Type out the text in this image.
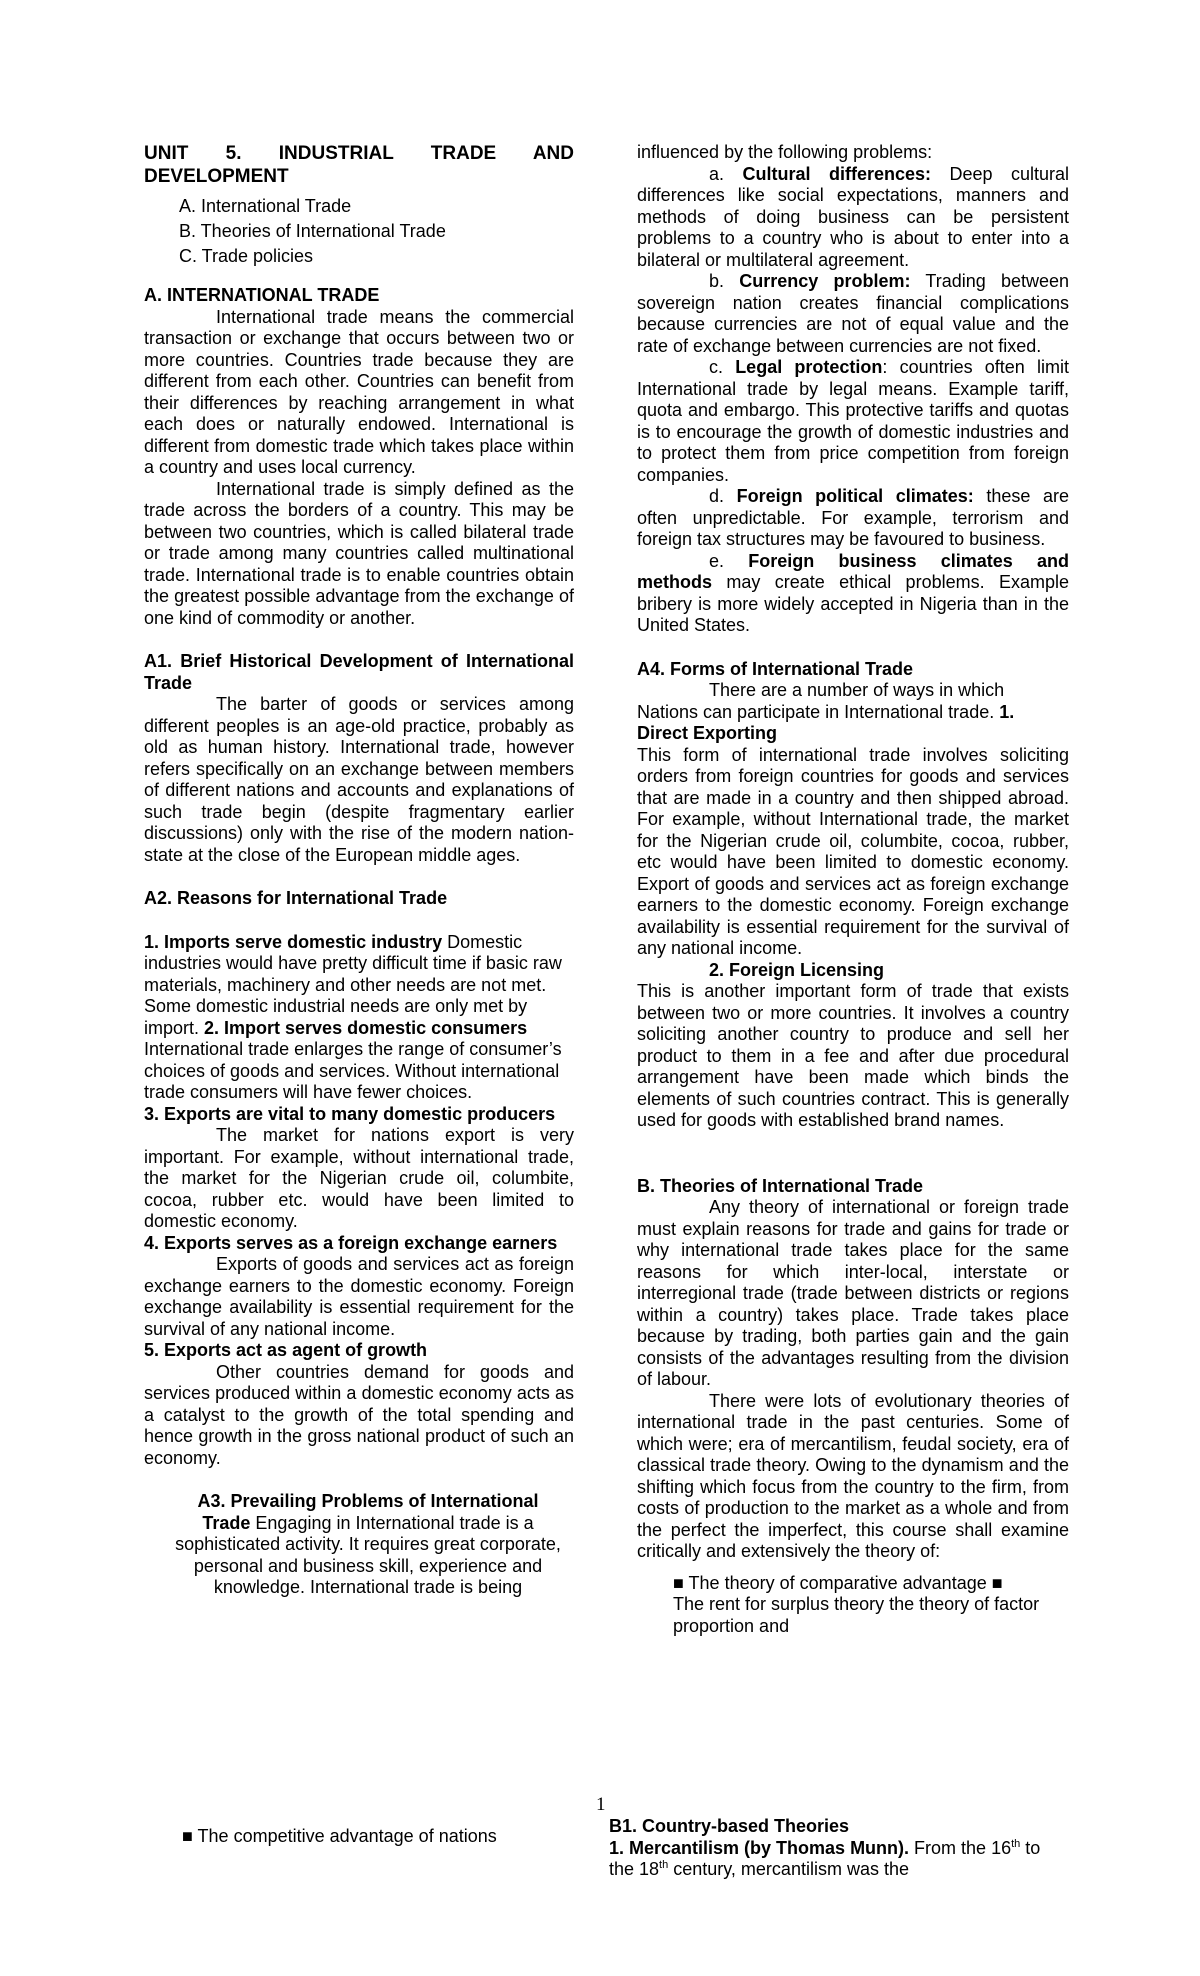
UNIT 5. INDUSTRIAL TRADE AND DEVELOPMENT

A. International Trade
B. Theories of International Trade
C. Trade policies

A. INTERNATIONAL TRADE

International trade means the commercial transaction or exchange that occurs between two or more countries. Countries trade because they are different from each other. Countries can benefit from their differences by reaching arrangement in what each does or naturally endowed. International is different from domestic trade which takes place within a country and uses local currency.

International trade is simply defined as the trade across the borders of a country. This may be between two countries, which is called bilateral trade or trade among many countries called multinational trade. International trade is to enable countries obtain the greatest possible advantage from the exchange of one kind of commodity or another.

A1. Brief Historical Development of International Trade

The barter of goods or services among different peoples is an age-old practice, probably as old as human history. International trade, however refers specifically on an exchange between members of different nations and accounts and explanations of such trade begin (despite fragmentary earlier discussions) only with the rise of the modern nation-state at the close of the European middle ages.

A2. Reasons for International Trade

1. Imports serve domestic industry Domestic industries would have pretty difficult time if basic raw materials, machinery and other needs are not met. Some domestic industrial needs are only met by import. 2. Import serves domestic consumers International trade enlarges the range of consumer’s choices of goods and services. Without international trade consumers will have fewer choices.

3. Exports are vital to many domestic producers

The market for nations export is very important. For example, without international trade, the market for the Nigerian crude oil, columbite, cocoa, rubber etc. would have been limited to domestic economy.

4. Exports serves as a foreign exchange earners

Exports of goods and services act as foreign exchange earners to the domestic economy. Foreign exchange availability is essential requirement for the survival of any national income.

5. Exports act as agent of growth

Other countries demand for goods and services produced within a domestic economy acts as a catalyst to the growth of the total spending and hence growth in the gross national product of such an economy.

A3. Prevailing Problems of International
Trade Engaging in International trade is a sophisticated activity. It requires great corporate, personal and business skill, experience and knowledge. International trade is being

influenced by the following problems:

a. Cultural differences: Deep cultural differences like social expectations, manners and methods of doing business can be persistent problems to a country who is about to enter into a bilateral or multilateral agreement.

b. Currency problem: Trading between sovereign nation creates financial complications because currencies are not of equal value and the rate of exchange between currencies are not fixed.

c. Legal protection: countries often limit International trade by legal means. Example tariff, quota and embargo. This protective tariffs and quotas is to encourage the growth of domestic industries and to protect them from price competition from foreign companies.

d. Foreign political climates: these are often unpredictable. For example, terrorism and foreign tax structures may be favoured to business.

e. Foreign business climates and methods may create ethical problems. Example bribery is more widely accepted in Nigeria than in the United States.

A4. Forms of International Trade

There are a number of ways in which Nations can participate in International trade. 1. Direct Exporting

This form of international trade involves soliciting orders from foreign countries for goods and services that are made in a country and then shipped abroad. For example, without International trade, the market for the Nigerian crude oil, columbite, cocoa, rubber, etc would have been limited to domestic economy. Export of goods and services act as foreign exchange earners to the domestic economy. Foreign exchange availability is essential requirement for the survival of any national income.

2. Foreign Licensing

This is another important form of trade that exists between two or more countries. It involves a country soliciting another country to produce and sell her product to them in a fee and after due procedural arrangement have been made which binds the elements of such countries contract. This is generally used for goods with established brand names.

B. Theories of International Trade

Any theory of international or foreign trade must explain reasons for trade and gains for trade or why international trade takes place for the same reasons for which inter-local, interstate or interregional trade (trade between districts or regions within a country) takes place. Trade takes place because by trading, both parties gain and the gain consists of the advantages resulting from the division of labour.

There were lots of evolutionary theories of international trade in the past centuries. Some of which were; era of mercantilism, feudal society, era of classical trade theory. Owing to the dynamism and the shifting which focus from the country to the firm, from costs of production to the market as a whole and from the perfect the imperfect, this course shall examine critically and extensively the theory of:

■ The theory of comparative advantage ■

The rent for surplus theory the theory of factor proportion and

1

■ The competitive advantage of nations	B1. Country-based Theories

1. Mercantilism (by Thomas Munn). From the 16th to the 18th century, mercantilism was the
